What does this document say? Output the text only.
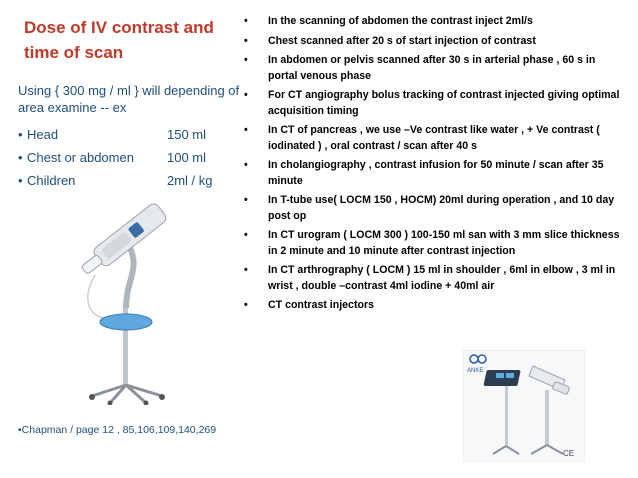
Dose of IV contrast and time of scan
Using { 300 mg / ml } will depending of area examine -- ex
• Head	150 ml
• Chest or abdomen	100 ml
• Children	2ml / kg
•Chapman / page 12 , 85,106,109,140,269
•	In the scanning of abdomen the contrast inject 2ml/s
•	Chest scanned after 20 s of start injection of contrast
•	In abdomen or pelvis scanned after 30 s in arterial phase , 60 s in portal venous phase
•	For CT angiography bolus tracking of contrast injected giving optimal acquisition timing
•	In CT of pancreas , we use –Ve contrast like water , + Ve contrast ( iodinated ) , oral contrast / scan after 40 s
•	In cholangiography , contrast infusion for 50 minute / scan after 35 minute
•	In T-tube use( LOCM 150 , HOCM) 20ml during operation , and 10 day post op
•	In CT urogram ( LOCM 300 ) 100-150 ml san with 3 mm slice thickness in 2 minute and 10 minute after contrast injection
•	In CT arthrography ( LOCM ) 15 ml in shoulder , 6ml in elbow , 3 ml in wrist , double –contrast 4ml iodine + 40ml air
•	CT contrast injectors
ANKE
CE
